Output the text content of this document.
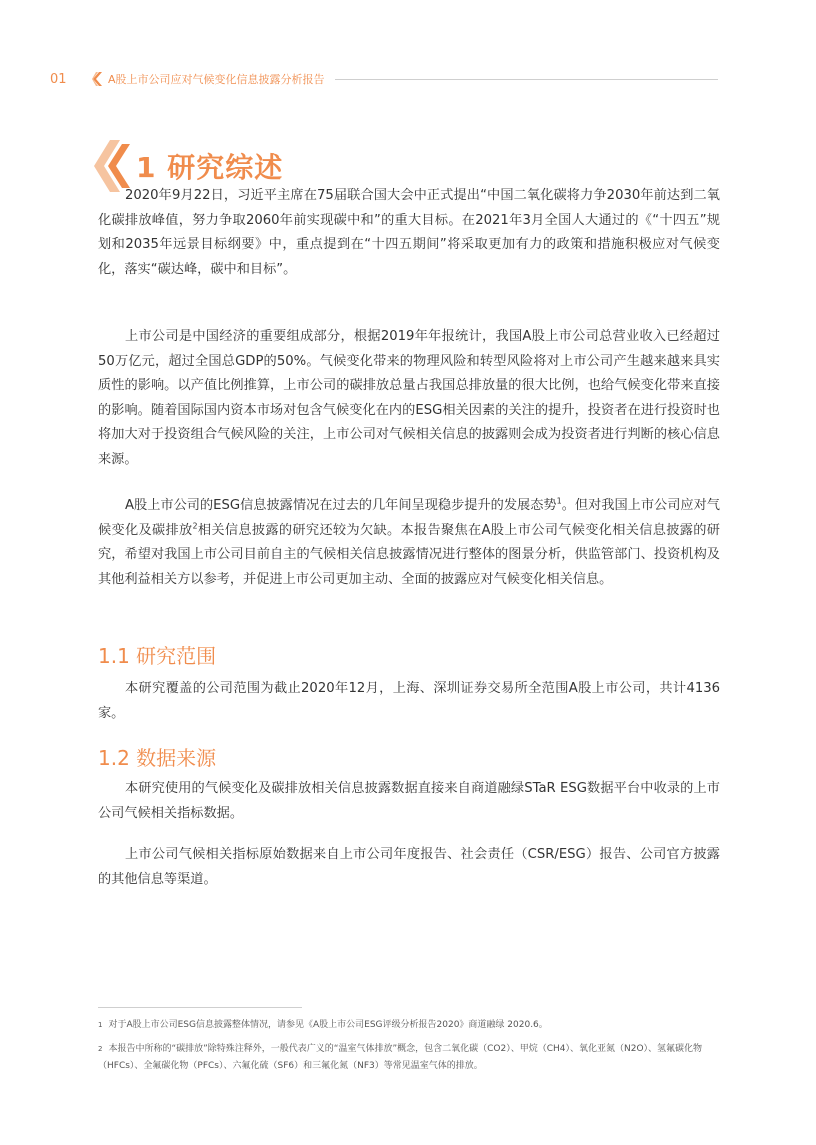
01	A股上市公司应对气候变化信息披露分析报告
1 研究综述

2020年9月22日，习近平主席在75届联合国大会中正式提出“中国二氧化碳将力争2030年前达到二氧化碳排放峰值，努力争取2060年前实现碳中和”的重大目标。在2021年3月全国人大通过的《“十四五”规划和2035年远景目标纲要》中，重点提到在“十四五期间”将采取更加有力的政策和措施积极应对气候变化，落实“碳达峰，碳中和目标”。

上市公司是中国经济的重要组成部分，根据2019年年报统计，我国A股上市公司总营业收入已经超过50万亿元，超过全国总GDP的50%。气候变化带来的物理风险和转型风险将对上市公司产生越来越来具实质性的影响。以产值比例推算，上市公司的碳排放总量占我国总排放量的很大比例，也给气候变化带来直接的影响。随着国际国内资本市场对包含气候变化在内的ESG相关因素的关注的提升，投资者在进行投资时也将加大对于投资组合气候风险的关注，上市公司对气候相关信息的披露则会成为投资者进行判断的核心信息来源。

A股上市公司的ESG信息披露情况在过去的几年间呈现稳步提升的发展态势$^1$。但对我国上市公司应对气候变化及碳排放$^2$相关信息披露的研究还较为欠缺。本报告聚焦在A股上市公司气候变化相关信息披露的研究，希望对我国上市公司目前自主的气候相关信息披露情况进行整体的图景分析，供监管部门、投资机构及其他利益相关方以参考，并促进上市公司更加主动、全面的披露应对气候变化相关信息。

1.1 研究范围

本研究覆盖的公司范围为截止2020年12月，上海、深圳证券交易所全范围A股上市公司，共计4136家。

1.2 数据来源

本研究使用的气候变化及碳排放相关信息披露数据直接来自商道融绿STaR ESG数据平台中收录的上市公司气候相关指标数据。

上市公司气候相关指标原始数据来自上市公司年度报告、社会责任（CSR/ESG）报告、公司官方披露的其他信息等渠道。

$^1$ 对于A股上市公司ESG信息披露整体情况，请参见《A股上市公司ESG评级分析报告2020》商道融绿 2020.6。
$^2$ 本报告中所称的“碳排放”除特殊注释外，一般代表广义的“温室气体排放”概念，包含二氧化碳（CO2）、甲烷（CH4）、氧化亚氮（N2O）、氢氟碳化物（HFCs）、全氟碳化物（PFCs）、六氟化硫（SF6）和三氟化氮（NF3）等常见温室气体的排放。
